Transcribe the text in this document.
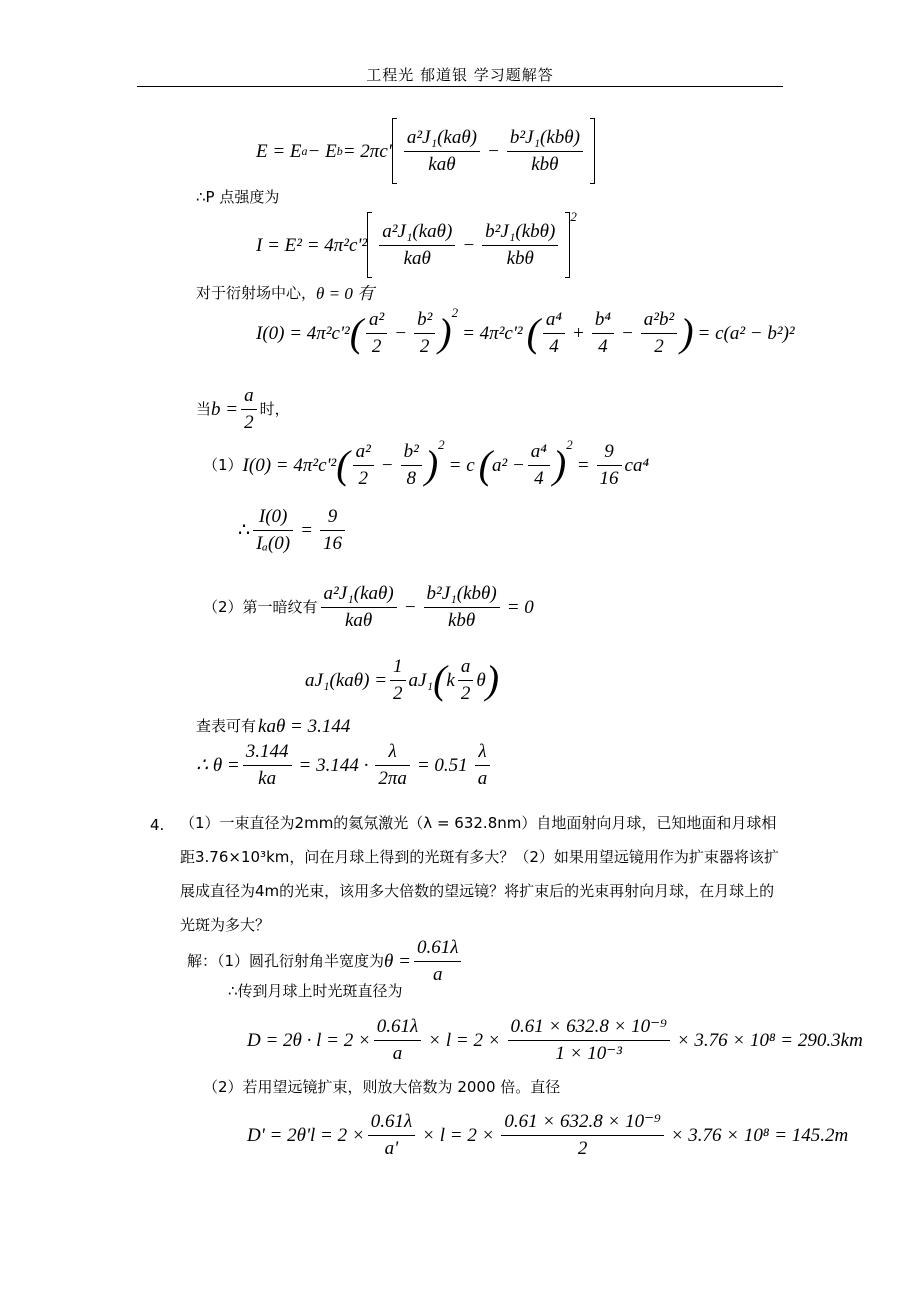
工程光 郁道银 学习题解答
E = E a − E $b = 2\pi c' \frac{\text{a²J₁(kaθ)}}{\text{kaθ}} - \frac{\text{b²J₁(kbθ)}}{\text{kbθ}}$
∴P 点强度为
$I = E^2 = 4\pi^2c'^2 \frac{\text{a²J₁(kaθ)}}{\text{kaθ}} - \frac{\text{b²J₁(kbθ)}}{\text{kbθ}}$
2
对于衍射场中心， θ = 0 有
I(0) = 4π²c'² ( $\frac{\text{a²}}{2} - \frac{\text{b²}}{2}$ ) 2
= 4π²c'² ( $\frac{\text{a⁴}}{4} + \frac{\text{b⁴}}{4} - \frac{\text{a²b²}}{2}$ ) = c(a² − b²)²
当 $b = \frac{a}{2}$ 时，
（1） I(0) = 4π²c'² ( $\frac{\text{a²}}{2} - \frac{\text{b²}}{8}$ ) 2
= c ( $a^2 - \frac{\text{a⁴}}{4}$ ) 2
= $\frac{9}{16} ca^4$
∴ $\frac{I(0)}{\text{Iₐ(0)}} = \frac{9}{16}$
（2）第一暗纹有 $\frac{\text{a²J₁(kaθ)}}{\text{kaθ}} - \frac{\text{b²J₁(kbθ)}}{\text{kbθ}} = 0$
$aJ_1(ka\theta) = \frac{1}{2} aJ_1$ ( k $\frac{a}{2}$ θ )
查表可有 kaθ = 3.144
∴ $\theta = \frac{3.144}{ka} = 3.144 \cdot \frac{\lambda}{2\pi a} = 0.51 \frac{\lambda}{a}$
4. （1）一束直径为2mm的氦氖激光（λ = 632.8nm）自地面射向月球，已知地面和月球相距3.76×10³km，问在月球上得到的光斑有多大？（2）如果用望远镜用作为扩束器将该扩展成直径为4m的光束，该用多大倍数的望远镜？将扩束后的光束再射向月球，在月球上的光斑为多大？
解：（1）圆孔衍射角半宽度为 $\theta = \frac{0.61\lambda}{a}$
∴传到月球上时光斑直径为
$D = 2\theta \cdot l = 2 \times \frac{0.61\lambda}{a} \times l = 2 \times \frac{\text{0.61 × 632.8 × 10⁻⁹}}{\text{1 × 10⁻³}} \times 3.76 \times 10^8 = 290.3km$
（2）若用望远镜扩束，则放大倍数为 2000 倍。直径
$D' = 2\theta'l = 2 \times \frac{0.61\lambda}{a'} \times l = 2 \times \frac{\text{0.61 × 632.8 × 10⁻⁹}}{2} \times 3.76 \times 10^8 = 145.2m$
